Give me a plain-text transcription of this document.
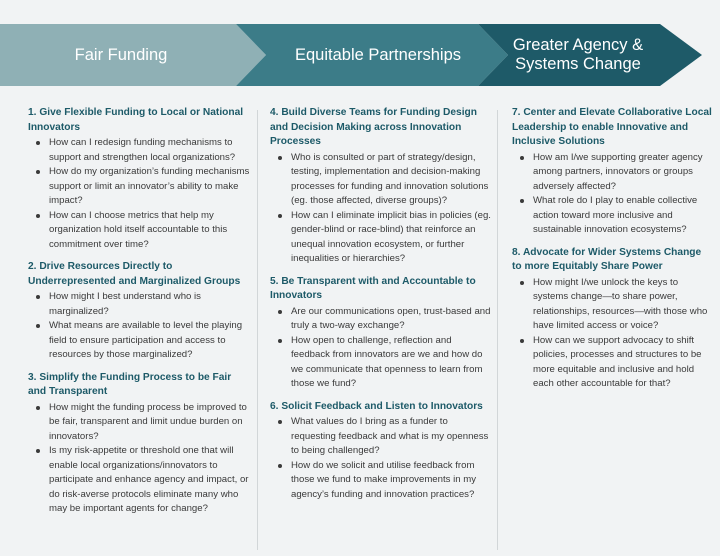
Fair Funding	Equitable Partnerships
Greater Agency &
Systems Change
1. Give Flexible Funding to Local or National Innovators
How can I redesign funding mechanisms to support and strengthen local organizations?
How do my organization’s funding mechanisms support or limit an innovator’s ability to make impact?
How can I choose metrics that help my organization hold itself accountable to this commitment over time?
2. Drive Resources Directly to Underrepresented and Marginalized Groups
How might I best understand who is marginalized?
What means are available to level the playing field to ensure participation and access to resources by those marginalized?
3. Simplify the Funding Process to be Fair and Transparent
How might the funding process be improved to be fair, transparent and limit undue burden on innovators?
Is my risk-appetite or threshold one that will enable local organizations/innovators to participate and enhance agency and impact, or do risk-averse protocols eliminate many who may be important agents for change?
4. Build Diverse Teams for Funding Design and Decision Making across Innovation Processes
Who is consulted or part of strategy/design, testing, implementation and decision-making processes for funding and innovation solutions (eg. those affected, diverse groups)?
How can I eliminate implicit bias in policies (eg. gender-blind or race-blind) that reinforce an unequal innovation ecosystem, or further inequalities or hierarchies?
5. Be Transparent with and Accountable to Innovators
Are our communications open, trust-based and truly a two-way exchange?
How open to challenge, reflection and feedback from innovators are we and how do we communicate that openness to learn from those we fund?
6. Solicit Feedback and Listen to Innovators
What values do I bring as a funder to requesting feedback and what is my openness to being challenged?
How do we solicit and utilise feedback from those we fund to make improvements in my agency’s funding and innovation practices?
7. Center and Elevate Collaborative Local Leadership to enable Innovative and Inclusive Solutions
How am I/we supporting greater agency among partners, innovators or groups adversely affected?
What role do I play to enable collective action toward more inclusive and sustainable innovation ecosystems?
8. Advocate for Wider Systems Change to more Equitably Share Power
How might I/we unlock the keys to systems change—to share power, relationships, resources—with those who have limited access or voice?
How can we support advocacy to shift policies, processes and structures to be more equitable and inclusive and hold each other accountable for that?
